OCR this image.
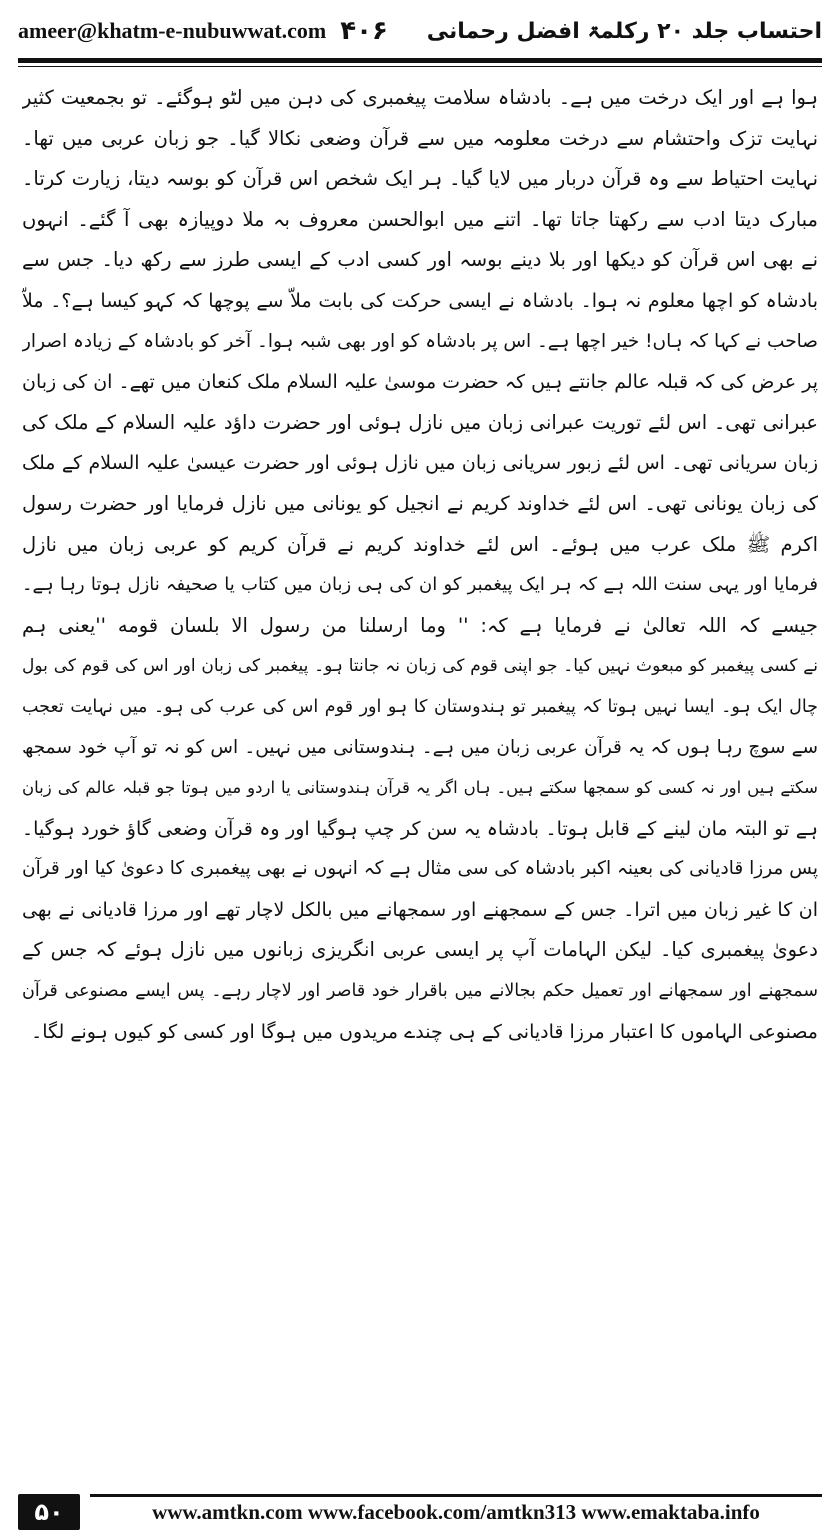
ameer@khatm-e-nubuwwat.com ۴۰۶ احتساب جلد ۲۰ رکلمۃ افضل رحمانی
ہوا ہے اور ایک درخت میں ہے۔ بادشاہ سلامت پیغمبری کی دہن میں لٹو ہوگئے۔ تو بجمعیت کثیر
نہایت تزک واحتشام سے درخت معلومہ میں سے قرآن وضعی نکالا گیا۔ جو زبان عربی میں تھا۔
نہایت احتیاط سے وہ قرآن دربار میں لایا گیا۔ ہر ایک شخص اس قرآن کو بوسہ دیتا، زیارت کرتا۔
مبارک دیتا ادب سے رکھتا جاتا تھا۔ اتنے میں ابوالحسن معروف بہ ملا دوپیازہ بھی آ گئے۔ انہوں
نے بھی اس قرآن کو دیکھا اور بلا دینے بوسہ اور کسی ادب کے ایسی طرز سے رکھ دیا۔ جس سے
بادشاہ کو اچھا معلوم نہ ہوا۔ بادشاہ نے ایسی حرکت کی بابت ملاّ سے پوچھا کہ کہو کیسا ہے؟۔ ملاّ
صاحب نے کہا کہ ہاں! خیر اچھا ہے۔ اس پر بادشاہ کو اور بھی شبہ ہوا۔ آخر کو بادشاہ کے زیادہ اصرار
پر عرض کی کہ قبلہ عالم جانتے ہیں کہ حضرت موسیٰ علیہ السلام ملک کنعان میں تھے۔ ان کی زبان
عبرانی تھی۔ اس لئے توریت عبرانی زبان میں نازل ہوئی اور حضرت داؤد علیہ السلام کے ملک کی
زبان سریانی تھی۔ اس لئے زبور سریانی زبان میں نازل ہوئی اور حضرت عیسیٰ علیہ السلام کے ملک
کی زبان یونانی تھی۔ اس لئے خداوند کریم نے انجیل کو یونانی میں نازل فرمایا اور حضرت رسول
اکرم ﷺ ملک عرب میں ہوئے۔ اس لئے خداوند کریم نے قرآن کریم کو عربی زبان میں نازل
فرمایا اور یہی سنت اللہ ہے کہ ہر ایک پیغمبر کو ان کی ہی زبان میں کتاب یا صحیفہ نازل ہوتا رہا ہے۔
جیسے کہ اللہ تعالیٰ نے فرمایا ہے کہ: '' وما ارسلنا من رسول الا بلسان قومه ''یعنی ہم
نے کسی پیغمبر کو مبعوث نہیں کیا۔ جو اپنی قوم کی زبان نہ جانتا ہو۔ پیغمبر کی زبان اور اس کی قوم کی بول
چال ایک ہو۔ ایسا نہیں ہوتا کہ پیغمبر تو ہندوستان کا ہو اور قوم اس کی عرب کی ہو۔ میں نہایت تعجب
سے سوچ رہا ہوں کہ یہ قرآن عربی زبان میں ہے۔ ہندوستانی میں نہیں۔ اس کو نہ تو آپ خود سمجھ
سکتے ہیں اور نہ کسی کو سمجھا سکتے ہیں۔ ہاں اگر یہ قرآن ہندوستانی یا اردو میں ہوتا جو قبلہ عالم کی زبان
ہے تو البتہ مان لینے کے قابل ہوتا۔ بادشاہ یہ سن کر چپ ہوگیا اور وہ قرآن وضعی گاؤ خورد ہوگیا۔
پس مرزا قادیانی کی بعینہ اکبر بادشاہ کی سی مثال ہے کہ انہوں نے بھی پیغمبری کا دعویٰ کیا اور قرآن
ان کا غیر زبان میں اترا۔ جس کے سمجھنے اور سمجھانے میں بالکل لاچار تھے اور مرزا قادیانی نے بھی
دعویٰ پیغمبری کیا۔ لیکن الہامات آپ پر ایسی عربی انگریزی زبانوں میں نازل ہوئے کہ جس کے
سمجھنے اور سمجھانے اور تعمیل حکم بجالانے میں باقرار خود قاصر اور لاچار رہے۔ پس ایسے مصنوعی قرآن
مصنوعی الہاموں کا اعتبار مرزا قادیانی کے ہی چندے مریدوں میں ہوگا اور کسی کو کیوں ہونے لگا۔
۵۰	www.amtkn.com www.facebook.com/amtkn313 www.emaktaba.info
